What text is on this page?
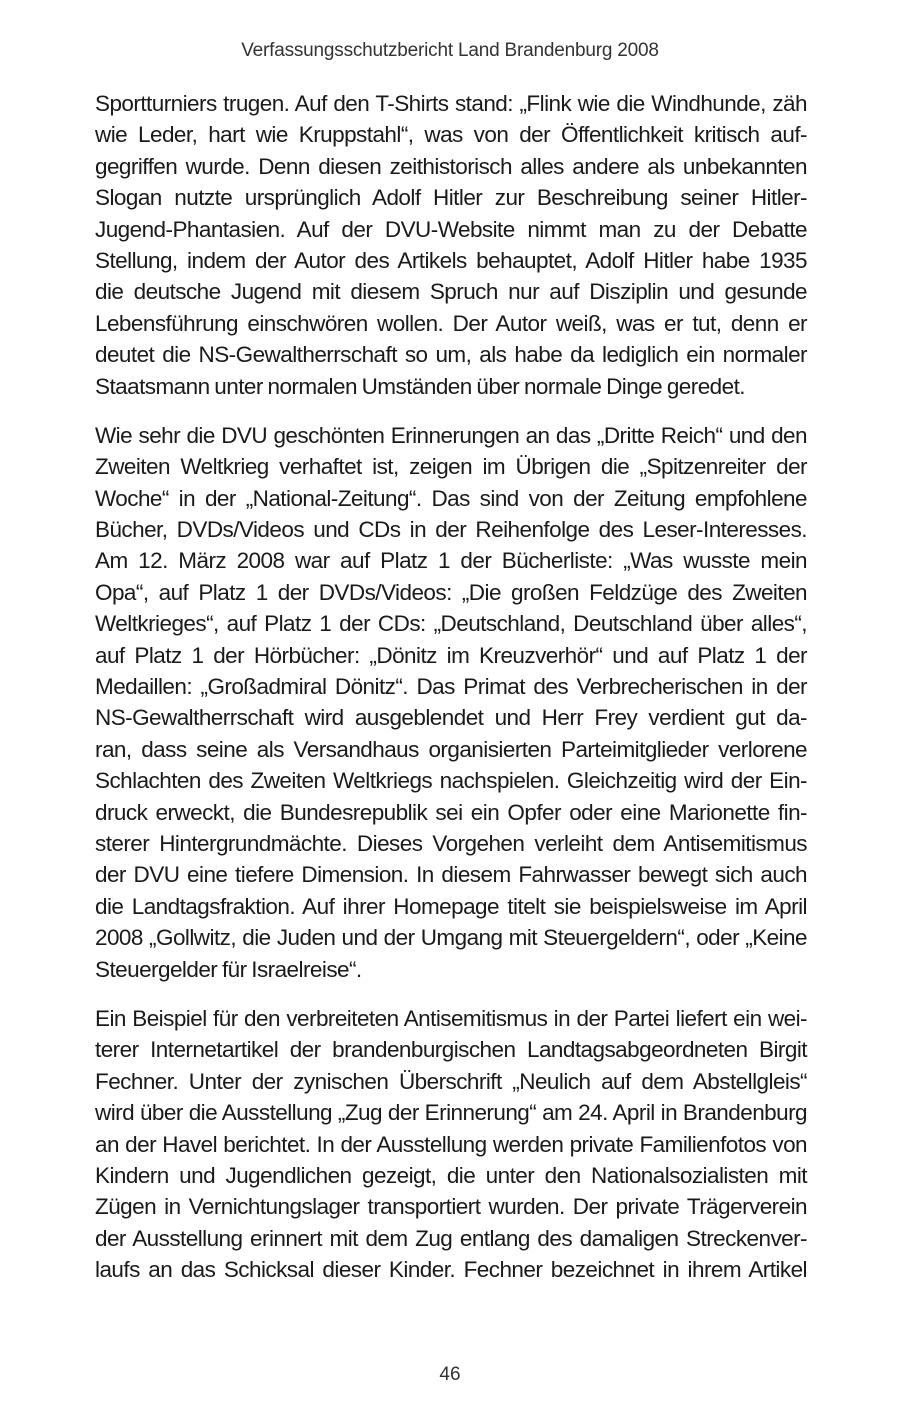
Verfassungsschutzbericht Land Brandenburg 2008
Sportturniers trugen. Auf den T-Shirts stand: „Flink wie die Windhunde, zäh
wie Leder, hart wie Kruppstahl“, was von der Öffentlichkeit kritisch auf-
gegriffen wurde. Denn diesen zeithistorisch alles andere als unbekannten
Slogan nutzte ursprünglich Adolf Hitler zur Beschreibung seiner Hitler-
Jugend-Phantasien. Auf der DVU-Website nimmt man zu der Debatte
Stellung, indem der Autor des Artikels behauptet, Adolf Hitler habe 1935
die deutsche Jugend mit diesem Spruch nur auf Disziplin und gesunde
Lebensführung einschwören wollen. Der Autor weiß, was er tut, denn er
deutet die NS-Gewaltherrschaft so um, als habe da lediglich ein normaler
Staatsmann unter normalen Umständen über normale Dinge geredet.
Wie sehr die DVU geschönten Erinnerungen an das „Dritte Reich“ und den
Zweiten Weltkrieg verhaftet ist, zeigen im Übrigen die „Spitzenreiter der
Woche“ in der „National-Zeitung“. Das sind von der Zeitung empfohlene
Bücher, DVDs/Videos und CDs in der Reihenfolge des Leser-Interesses.
Am 12. März 2008 war auf Platz 1 der Bücherliste: „Was wusste mein
Opa“, auf Platz 1 der DVDs/Videos: „Die großen Feldzüge des Zweiten
Weltkrieges“, auf Platz 1 der CDs: „Deutschland, Deutschland über alles“,
auf Platz 1 der Hörbücher: „Dönitz im Kreuzverhör“ und auf Platz 1 der
Medaillen: „Großadmiral Dönitz“. Das Primat des Verbrecherischen in der
NS-Gewaltherrschaft wird ausgeblendet und Herr Frey verdient gut da-
ran, dass seine als Versandhaus organisierten Parteimitglieder verlorene
Schlachten des Zweiten Weltkriegs nachspielen. Gleichzeitig wird der Ein-
druck erweckt, die Bundesrepublik sei ein Opfer oder eine Marionette fin-
sterer Hintergrundmächte. Dieses Vorgehen verleiht dem Antisemitismus
der DVU eine tiefere Dimension. In diesem Fahrwasser bewegt sich auch
die Landtagsfraktion. Auf ihrer Homepage titelt sie beispielsweise im April
2008 „Gollwitz, die Juden und der Umgang mit Steuergeldern“, oder „Keine
Steuergelder für Israelreise“.
Ein Beispiel für den verbreiteten Antisemitismus in der Partei liefert ein wei-
terer Internetartikel der brandenburgischen Landtagsabgeordneten Birgit
Fechner. Unter der zynischen Überschrift „Neulich auf dem Abstellgleis“
wird über die Ausstellung „Zug der Erinnerung“ am 24. April in Brandenburg
an der Havel berichtet. In der Ausstellung werden private Familienfotos von
Kindern und Jugendlichen gezeigt, die unter den Nationalsozialisten mit
Zügen in Vernichtungslager transportiert wurden. Der private Trägerverein
der Ausstellung erinnert mit dem Zug entlang des damaligen Streckenver-
laufs an das Schicksal dieser Kinder. Fechner bezeichnet in ihrem Artikel
46
